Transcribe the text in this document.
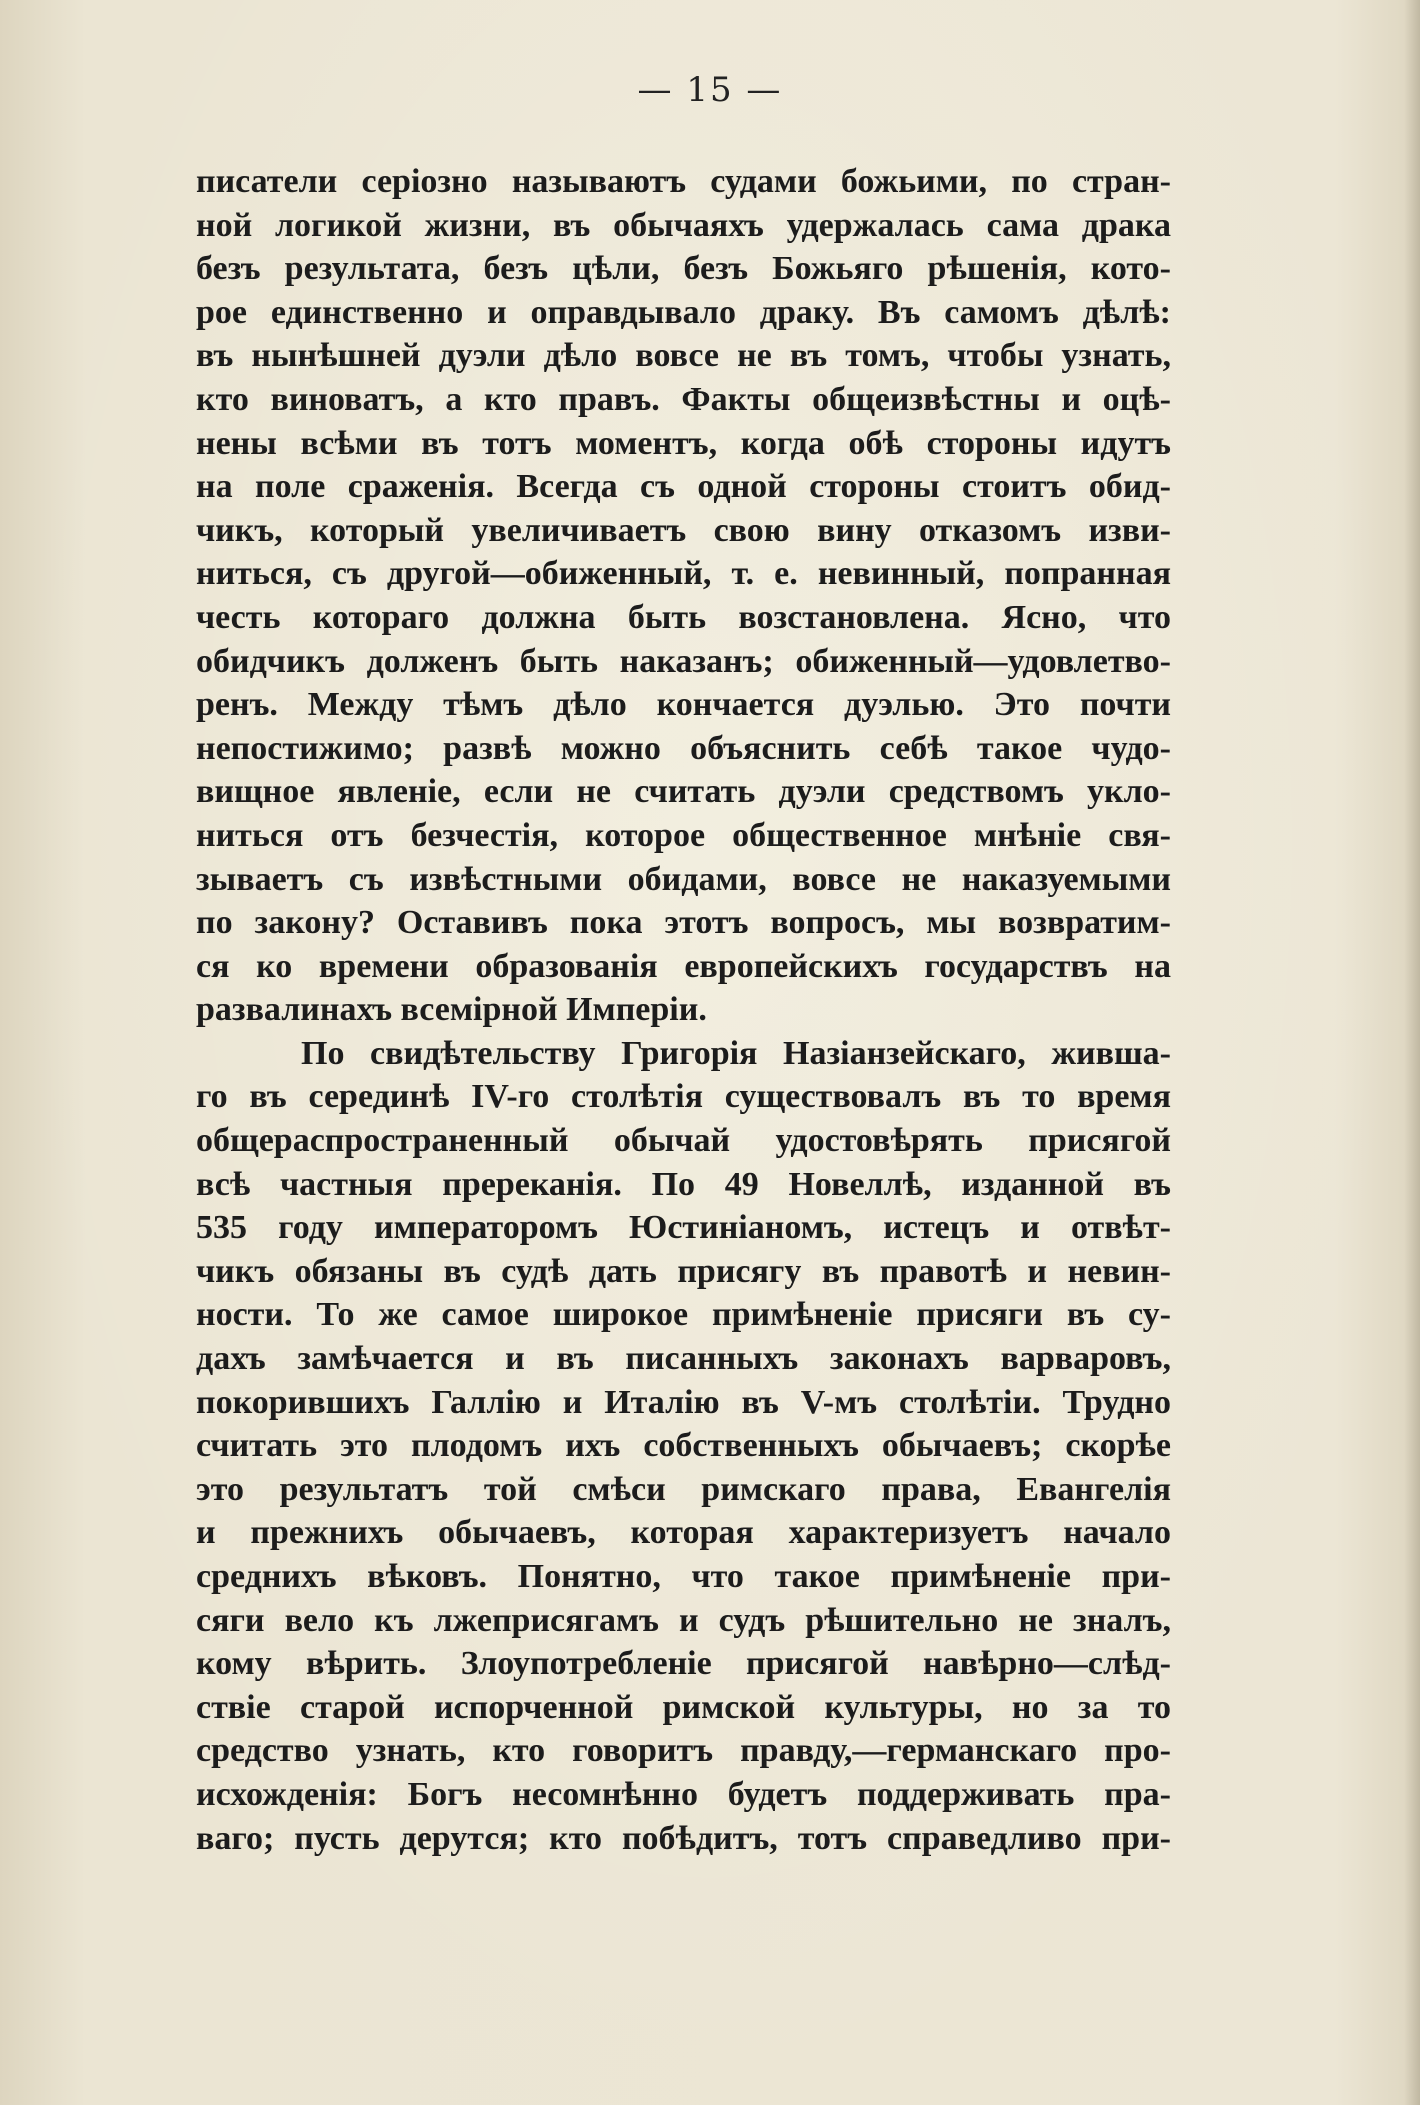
— 15 —
писатели серіозно называютъ судами божьими, по стран-
ной логикой жизни, въ обычаяхъ удержалась сама драка
безъ результата, безъ цѣли, безъ Божьяго рѣшенія, кото-
рое единственно и оправдывало драку. Въ самомъ дѣлѣ:
въ нынѣшней дуэли дѣло вовсе не въ томъ, чтобы узнать,
кто виноватъ, а кто правъ. Факты общеизвѣстны и оцѣ-
нены всѣми въ тотъ моментъ, когда обѣ стороны идутъ
на поле сраженія. Всегда съ одной стороны стоитъ обид-
чикъ, который увеличиваетъ свою вину отказомъ изви-
ниться, съ другой—обиженный, т. е. невинный, попранная
честь котораго должна быть возстановлена. Ясно, что
обидчикъ долженъ быть наказанъ; обиженный—удовлетво-
ренъ. Между тѣмъ дѣло кончается дуэлью. Это почти
непостижимо; развѣ можно объяснить себѣ такое чудо-
вищное явленіе, если не считать дуэли средствомъ укло-
ниться отъ безчестія, которое общественное мнѣніе свя-
зываетъ съ извѣстными обидами, вовсе не наказуемыми
по закону? Оставивъ пока этотъ вопросъ, мы возвратим-
ся ко времени образованія европейскихъ государствъ на
развалинахъ всемірной Имперіи.
По свидѣтельству Григорія Назіанзейскаго, живша-
го въ серединѣ IV-го столѣтія существовалъ въ то время
общераспространенный обычай удостовѣрять присягой
всѣ частныя пререканія. По 49 Новеллѣ, изданной въ
535 году императоромъ Юстиніаномъ, истецъ и отвѣт-
чикъ обязаны въ судѣ дать присягу въ правотѣ и невин-
ности. То же самое широкое примѣненіе присяги въ су-
дахъ замѣчается и въ писанныхъ законахъ варваровъ,
покорившихъ Галлію и Италію въ V-мъ столѣтіи. Трудно
считать это плодомъ ихъ собственныхъ обычаевъ; скорѣе
это результатъ той смѣси римскаго права, Евангелія
и прежнихъ обычаевъ, которая характеризуетъ начало
среднихъ вѣковъ. Понятно, что такое примѣненіе при-
сяги вело къ лжеприсягамъ и судъ рѣшительно не зналъ,
кому вѣрить. Злоупотребленіе присягой навѣрно—слѣд-
ствіе старой испорченной римской культуры, но за то
средство узнать, кто говоритъ правду,—германскаго про-
исхожденія: Богъ несомнѣнно будетъ поддерживать пра-
ваго; пусть дерутся; кто побѣдитъ, тотъ справедливо при-
